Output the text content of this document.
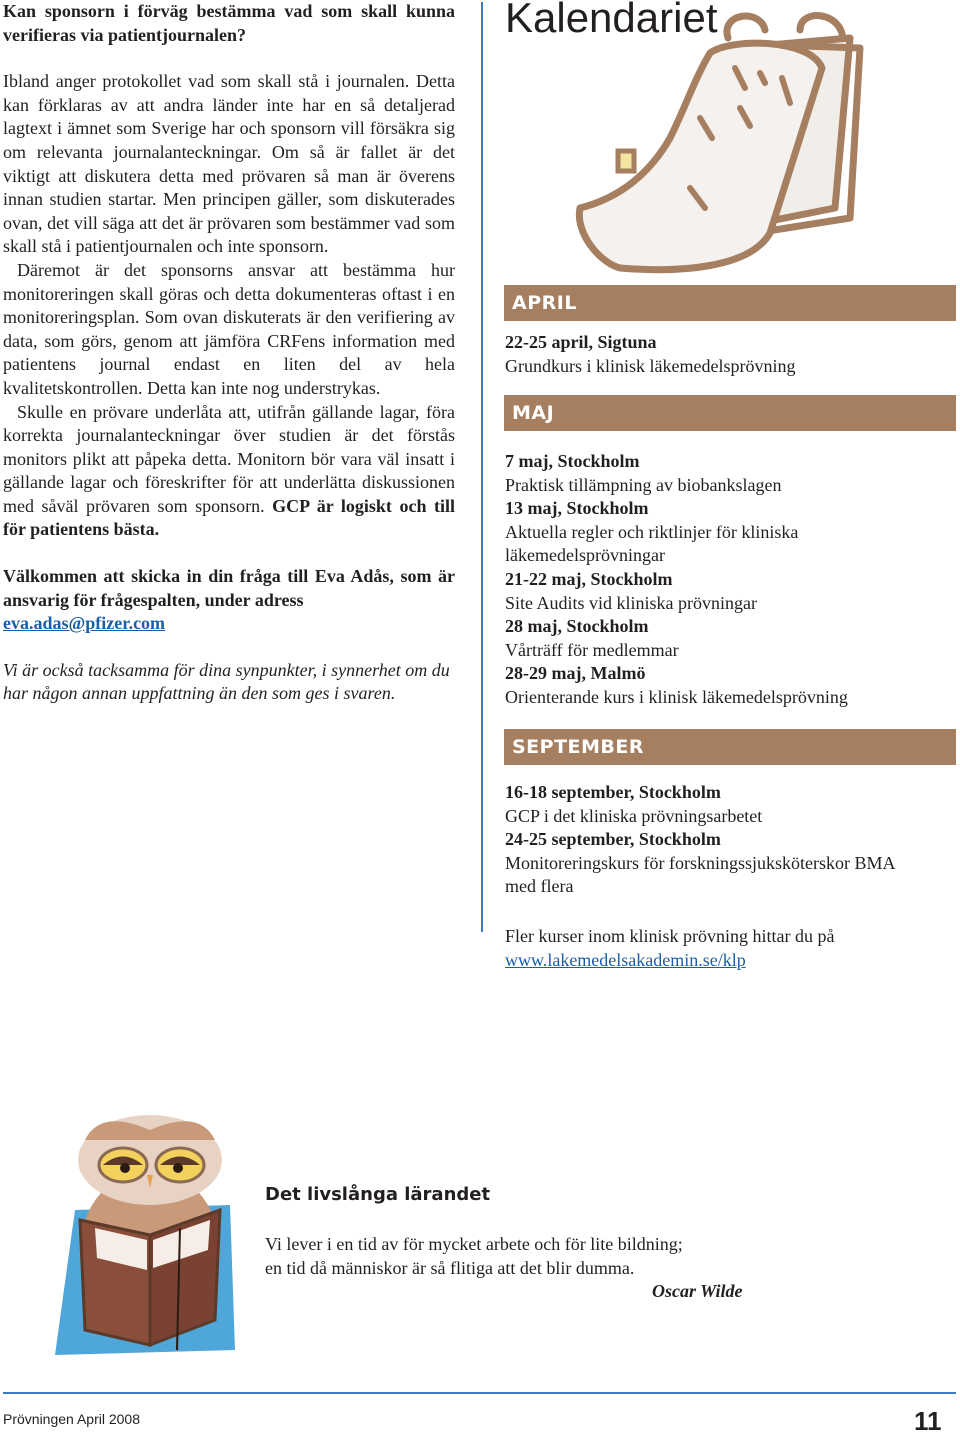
Kan sponsorn i förväg bestämma vad som skall kunna verifieras via patientjournalen?

Ibland anger protokollet vad som skall stå i journalen. Detta kan förklaras av att andra länder inte har en så detaljerad lagtext i ämnet som Sverige har och sponsorn vill försäkra sig om relevanta journalanteckningar. Om så är fallet är det viktigt att diskutera detta med prövaren så man är överens innan studien startar. Men principen gäller, som diskuterades ovan, det vill säga att det är prövaren som bestämmer vad som skall stå i patientjournalen och inte sponsorn.

Däremot är det sponsorns ansvar att bestämma hur monitoreringen skall göras och detta dokumenteras oftast i en monitoreringsplan. Som ovan diskuterats är den verifiering av data, som görs, genom att jämföra CRFens information med patientens journal endast en liten del av hela kvalitetskontrollen. Detta kan inte nog understrykas.

Skulle en prövare underlåta att, utifrån gällande lagar, föra korrekta journalanteckningar över studien är det förstås monitors plikt att påpeka detta. Monitorn bör vara väl insatt i gällande lagar och föreskrifter för att underlätta diskussionen med såväl prövaren som sponsorn. GCP är logiskt och till för patientens bästa.

Välkommen att skicka in din fråga till Eva Adås, som är ansvarig för frågespalten, under adress
eva.adas@pfizer.com

Vi är också tacksamma för dina synpunkter, i synnerhet om du har någon annan uppfattning än den som ges i svaren.

Kalendariet
APRIL
22-25 april, Sigtuna
Grundkurs i klinisk läkemedelsprövning
MAJ
7 maj, Stockholm
Praktisk tillämpning av biobankslagen
13 maj, Stockholm
Aktuella regler och riktlinjer för kliniska läkemedelsprövningar
21-22 maj, Stockholm
Site Audits vid kliniska prövningar
28 maj, Stockholm
Vårträff för medlemmar
28-29 maj, Malmö
Orienterande kurs i klinisk läkemedelsprövning
SEPTEMBER
16-18 september, Stockholm
GCP i det kliniska prövningsarbetet
24-25 september, Stockholm
Monitoreringskurs för forskningssjuksköterskor BMA med flera
Fler kurser inom klinisk prövning hittar du på
www.lakemedelsakademin.se/klp
Det livslånga lärandet
Vi lever i en tid av för mycket arbete och för lite bildning;
en tid då människor är så flitiga att det blir dumma.
Oscar Wilde
Prövningen April 2008	11
